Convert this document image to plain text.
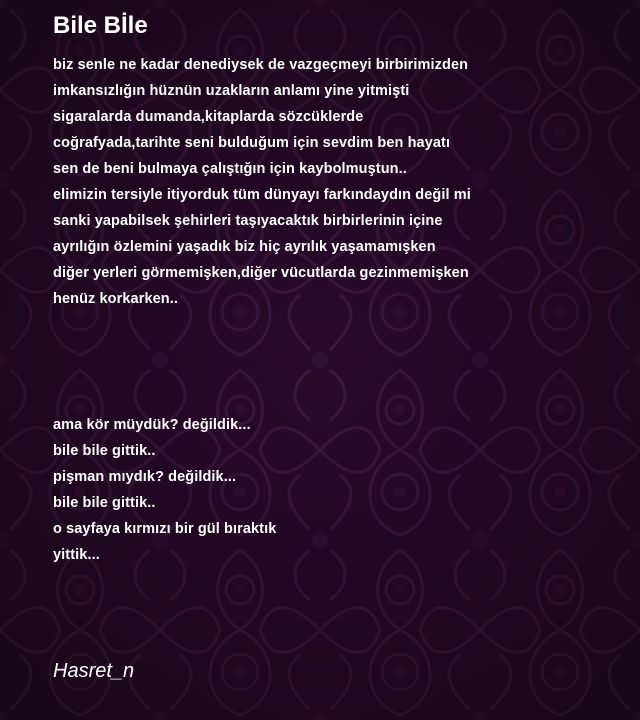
Bile Bİle
biz senle ne kadar denediysek de vazgeçmeyi birbirimizden
imkansızlığın hüznün uzakların anlamı yine yitmişti
sigaralarda dumanda,kitaplarda sözcüklerde
coğrafyada,tarihte seni bulduğum için sevdim ben hayatı
sen de beni bulmaya çalıştığın için kaybolmuştun..
elimizin tersiyle itiyorduk tüm dünyayı farkındaydın değil mi
sanki yapabilsek şehirleri taşıyacaktık birbirlerinin içine
ayrılığın özlemini yaşadık biz hiç ayrılık yaşamamışken
diğer yerleri görmemişken,diğer vücutlarda gezinmemişken
henüz korkarken..
ama kör müydük? değildik...
bile bile gittik..
pişman mıydık? değildik...
bile bile gittik..
o sayfaya kırmızı bir gül bıraktık
yittik...
Hasret_n
